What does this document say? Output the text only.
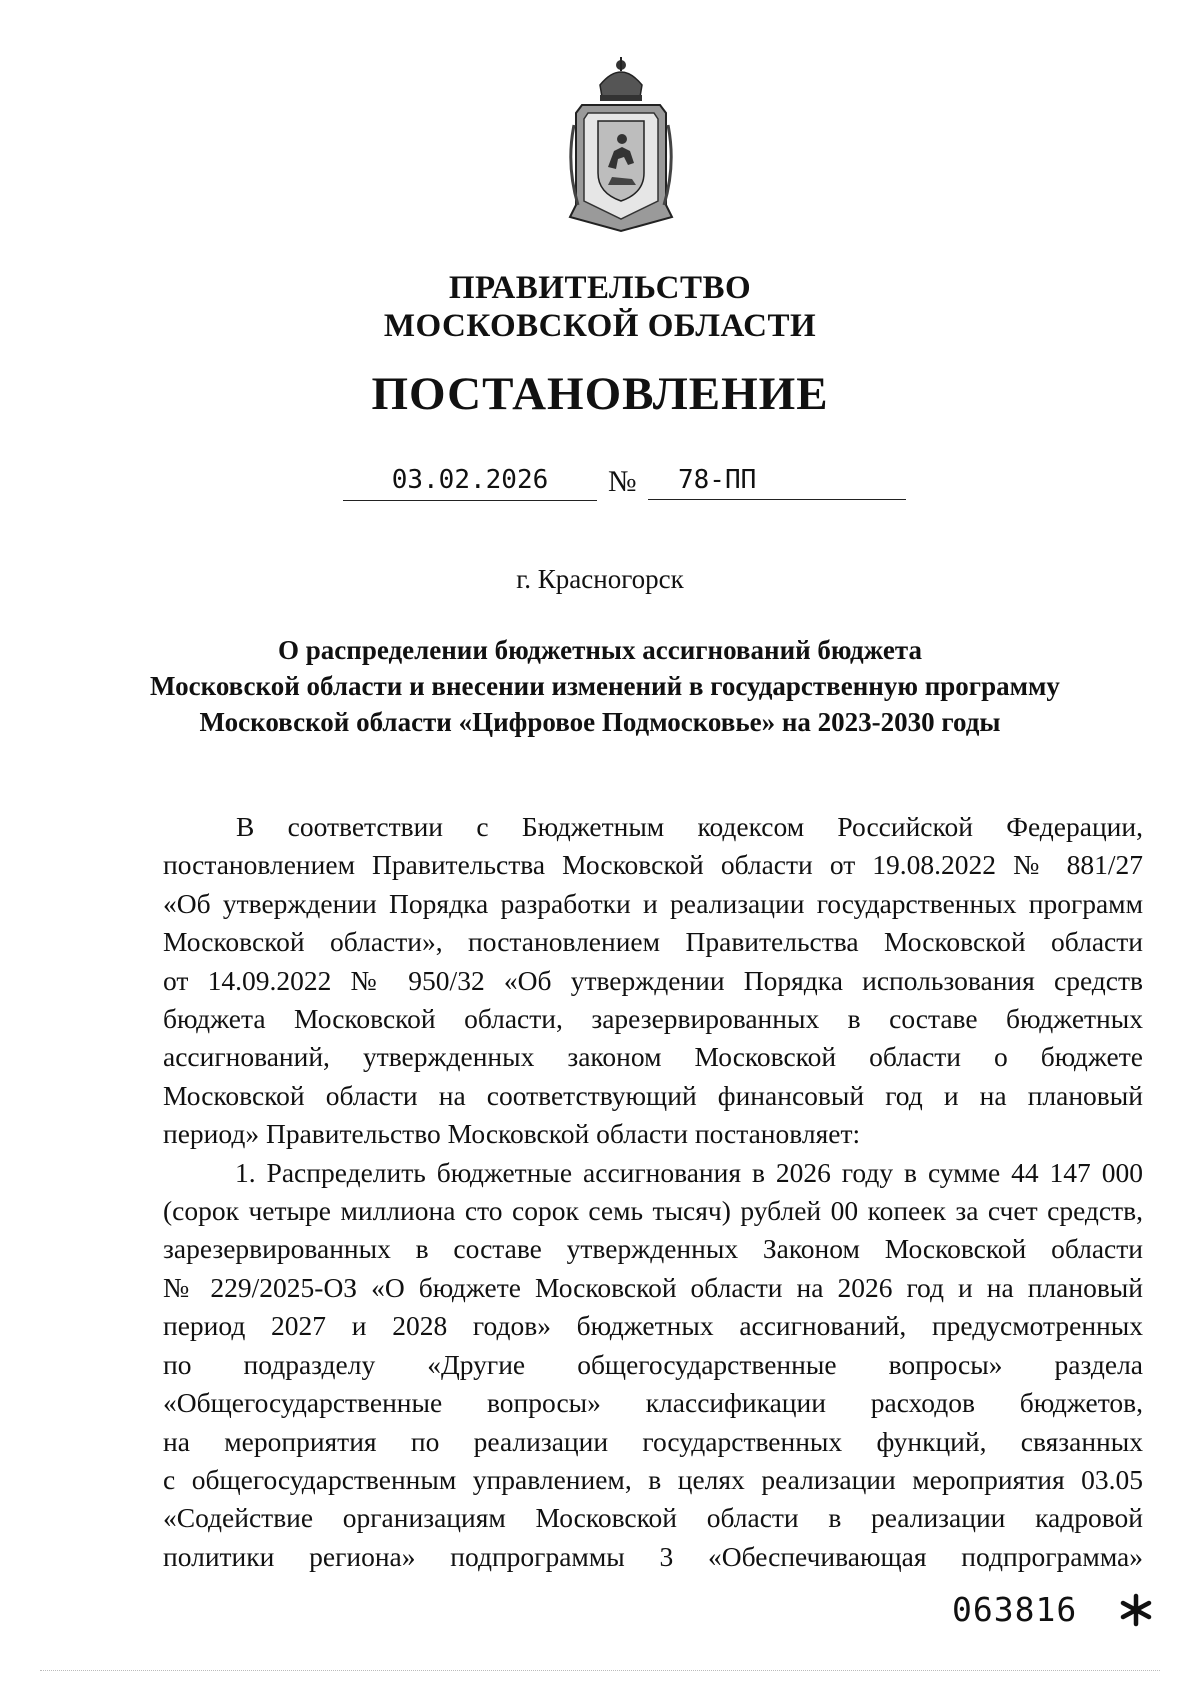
ПРАВИТЕЛЬСТВО
МОСКОВСКОЙ ОБЛАСТИ
ПОСТАНОВЛЕНИЕ
03.02.2026	№	78-ПП
г. Красногорск
О распределении бюджетных ассигнований бюджета
Московской области и внесении изменений в государственную программу
Московской области «Цифровое Подмосковье» на 2023-2030 годы

В соответствии с Бюджетным кодексом Российской Федерации,
постановлением Правительства Московской области от 19.08.2022 № 881/27
«Об утверждении Порядка разработки и реализации государственных программ
Московской области», постановлением Правительства Московской области
от 14.09.2022 № 950/32 «Об утверждении Порядка использования средств
бюджета Московской области, зарезервированных в составе бюджетных
ассигнований, утвержденных законом Московской области о бюджете
Московской области на соответствующий финансовый год и на плановый
период» Правительство Московской области постановляет:

1. Распределить бюджетные ассигнования в 2026 году в сумме 44 147 000
(сорок четыре миллиона сто сорок семь тысяч) рублей 00 копеек за счет средств,
зарезервированных в составе утвержденных Законом Московской области
№ 229/2025-ОЗ «О бюджете Московской области на 2026 год и на плановый
период 2027 и 2028 годов» бюджетных ассигнований, предусмотренных
по подразделу «Другие общегосударственные вопросы» раздела
«Общегосударственные вопросы» классификации расходов бюджетов,
на мероприятия по реализации государственных функций, связанных
с общегосударственным управлением, в целях реализации мероприятия 03.05
«Содействие организациям Московской области в реализации кадровой
политики региона» подпрограммы 3 «Обеспечивающая подпрограмма»

063816
